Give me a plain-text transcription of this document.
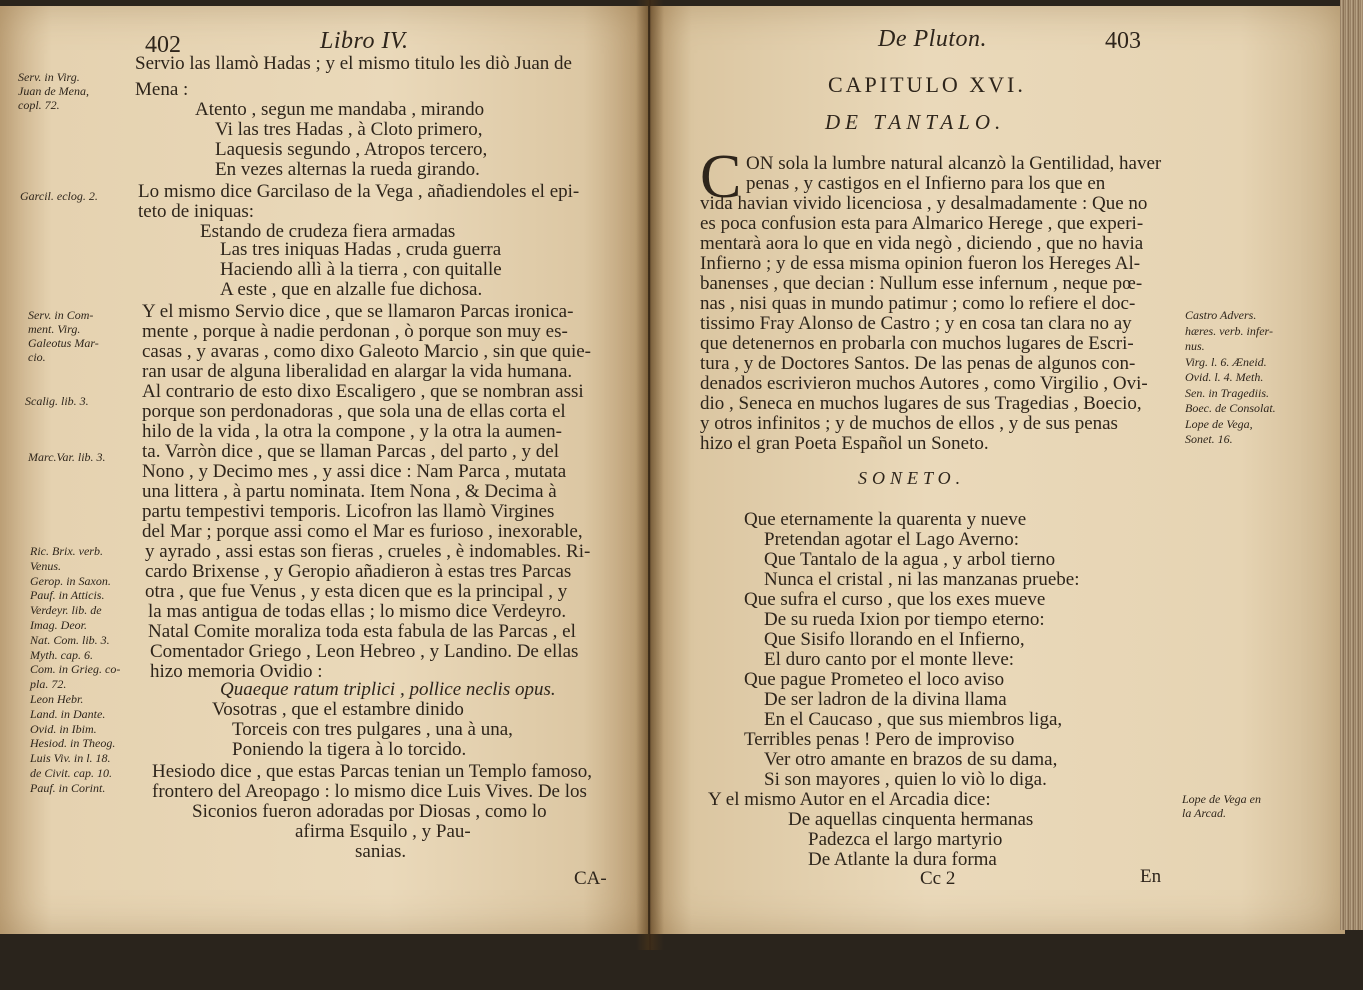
402	Libro IV.
Serv. in Virg.
Juan de Mena,
copl. 72.
Garcil. eclog. 2.
Serv. in Com-
ment. Virg.
Galeotus Mar-
cio.
Scalig. lib. 3.
Marc.Var. lib. 3.
Ric. Brix. verb.
Venus.
Gerop. in Saxon.
Pauf. in Atticis.
Verdeyr. lib. de
Imag. Deor.
Nat. Com. lib. 3.
Myth. cap. 6.
Com. in Grieg. co-
pla. 72.
Leon Hebr.
Land. in Dante.
Ovid. in Ibim.
Hesiod. in Theog.
Luis Viv. in l. 18.
de Civit. cap. 10.
Pauf. in Corint.
Servio las llamò Hadas ; y el mismo titulo les diò Juan de
Mena :
Atento , segun me mandaba , mirando
Vi las tres Hadas , à Cloto primero,
Laquesis segundo , Atropos tercero,
En vezes alternas la rueda girando.
Lo mismo dice Garcilaso de la Vega , añadiendoles el epi-
teto de iniquas:
Estando de crudeza fiera armadas
Las tres iniquas Hadas , cruda guerra
Haciendo allì à la tierra , con quitalle
A este , que en alzalle fue dichosa.
Y el mismo Servio dice , que se llamaron Parcas ironica-
mente , porque à nadie perdonan , ò porque son muy es-
casas , y avaras , como dixo Galeoto Marcio , sin que quie-
ran usar de alguna liberalidad en alargar la vida humana.
Al contrario de esto dixo Escaligero , que se nombran assi
porque son perdonadoras , que sola una de ellas corta el
hilo de la vida , la otra la compone , y la otra la aumen-
ta. Varròn dice , que se llaman Parcas , del parto , y del
Nono , y Decimo mes , y assi dice : Nam Parca , mutata
una littera , à partu nominata. Item Nona , & Decima à
partu tempestivi temporis. Licofron las llamò Virgines
del Mar ; porque assi como el Mar es furioso , inexorable,
y ayrado , assi estas son fieras , crueles , è indomables. Ri-
cardo Brixense , y Geropio añadieron à estas tres Parcas
otra , que fue Venus , y esta dicen que es la principal , y
la mas antigua de todas ellas ; lo mismo dice Verdeyro.
Natal Comite moraliza toda esta fabula de las Parcas , el
Comentador Griego , Leon Hebreo , y Landino. De ellas
hizo memoria Ovidio :
Quaeque ratum triplici , pollice neclis opus.
Vosotras , que el estambre dinido
Torceis con tres pulgares , una à una,
Poniendo la tigera à lo torcido.
Hesiodo dice , que estas Parcas tenian un Templo famoso,
frontero del Areopago : lo mismo dice Luis Vives. De los
Siconios fueron adoradas por Diosas , como lo
afirma Esquilo , y Pau-
sanias.
CA-
De Pluton.	403
CAPITULO XVI.
DE TANTALO.
C ON sola la lumbre natural alcanzò la Gentilidad, haver
penas , y castigos en el Infierno para los que en
vida havian vivido licenciosa , y desalmadamente : Que no
es poca confusion esta para Almarico Herege , que experi-
mentarà aora lo que en vida negò , diciendo , que no havia
Infierno ; y de essa misma opinion fueron los Hereges Al-
banenses , que decian : Nullum esse infernum , neque pœ-
nas , nisi quas in mundo patimur ; como lo refiere el doc-
tissimo Fray Alonso de Castro ; y en cosa tan clara no ay
que detenernos en probarla con muchos lugares de Escri-
tura , y de Doctores Santos. De las penas de algunos con-
denados escrivieron muchos Autores , como Virgilio , Ovi-
dio , Seneca en muchos lugares de sus Tragedias , Boecio,
y otros infinitos ; y de muchos de ellos , y de sus penas
hizo el gran Poeta Español un Soneto.
SONETO.
Que eternamente la quarenta y nueve
Pretendan agotar el Lago Averno:
Que Tantalo de la agua , y arbol tierno
Nunca el cristal , ni las manzanas pruebe:
Que sufra el curso , que los exes mueve
De su rueda Ixion por tiempo eterno:
Que Sisifo llorando en el Infierno,
El duro canto por el monte lleve:
Que pague Prometeo el loco aviso
De ser ladron de la divina llama
En el Caucaso , que sus miembros liga,
Terribles penas ! Pero de improviso
Ver otro amante en brazos de su dama,
Si son mayores , quien lo viò lo diga.
Y el mismo Autor en el Arcadia dice:
De aquellas cinquenta hermanas
Padezca el largo martyrio
De Atlante la dura forma
Cc 2	En
Castro Advers.
hæres. verb. infer-
nus.
Virg. l. 6. Æneid.
Ovid. l. 4. Meth.
Sen. in Tragediis.
Boec. de Consolat.
Lope de Vega,
Sonet. 16.
Lope de Vega en
la Arcad.
